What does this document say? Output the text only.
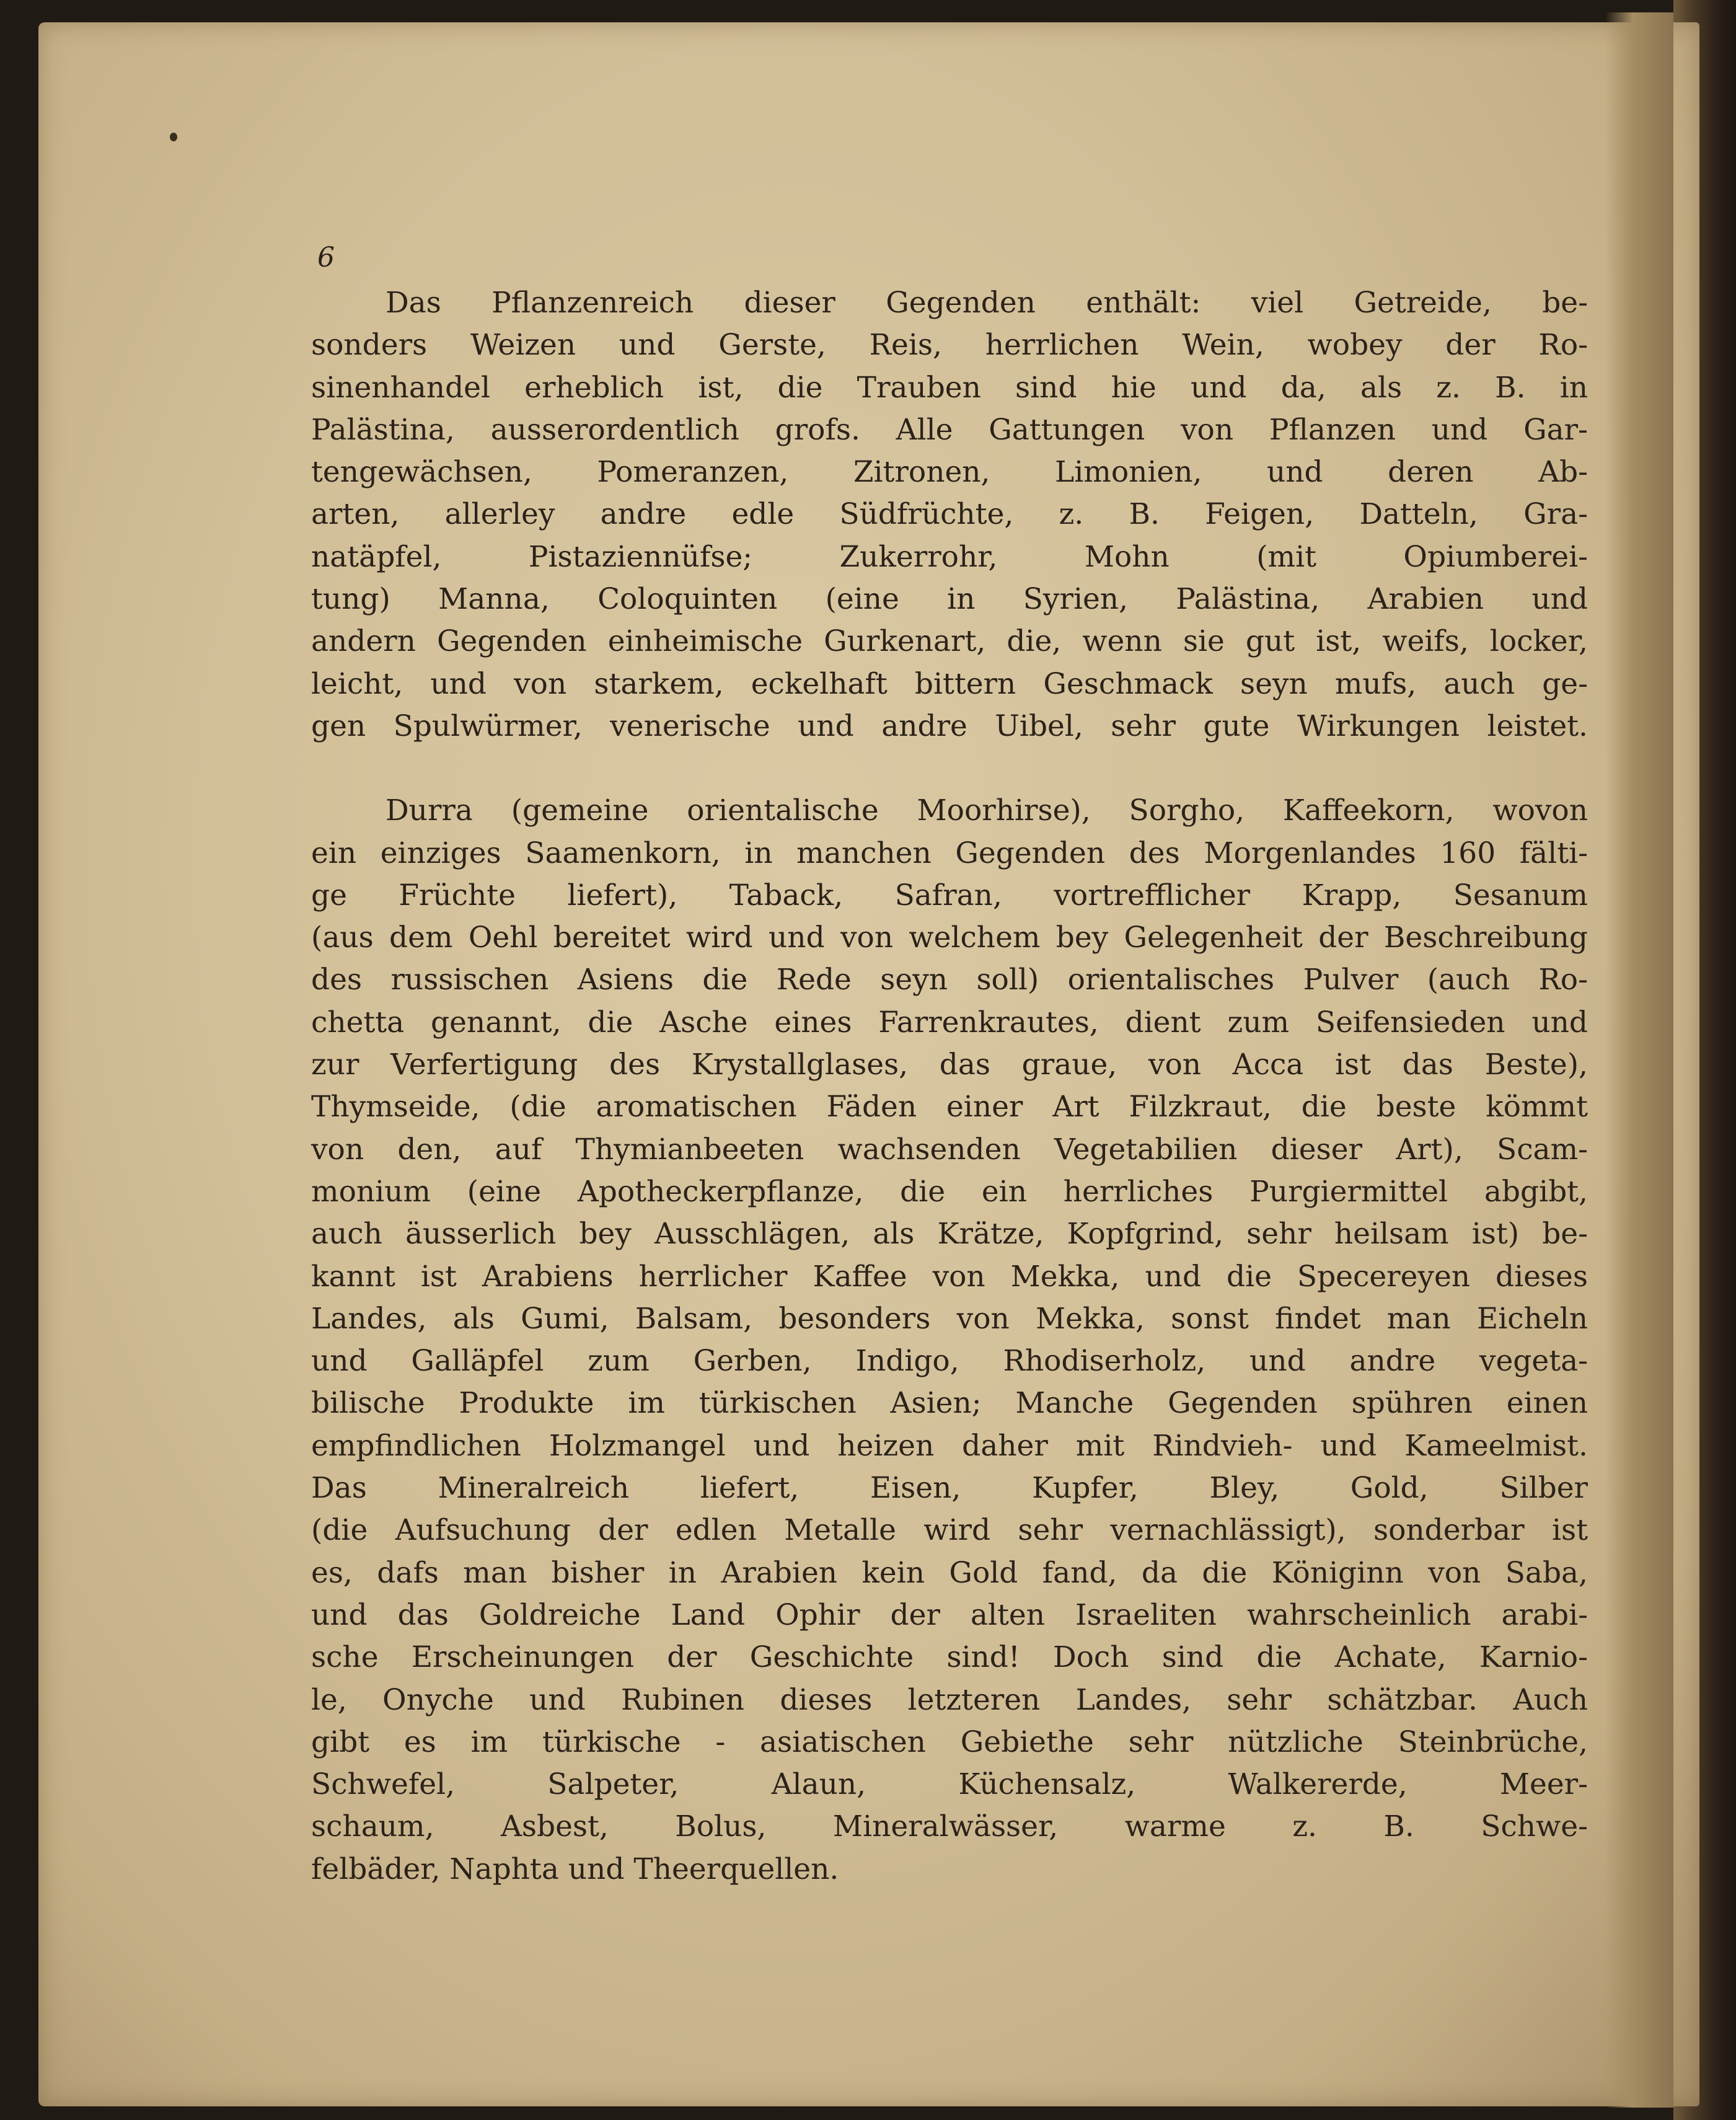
6
Das Pflanzenreich dieser Gegenden enthält: viel Getreide, be-
sonders Weizen und Gerste, Reis, herrlichen Wein, wobey der Ro-
sinenhandel erheblich ist, die Trauben sind hie und da, als z. B. in
Palästina, ausserordentlich grofs. Alle Gattungen von Pflanzen und Gar-
tengewächsen, Pomeranzen, Zitronen, Limonien, und deren Ab-
arten, allerley andre edle Südfrüchte, z. B. Feigen, Datteln, Gra-
natäpfel, Pistaziennüfse; Zukerrohr, Mohn (mit Opiumberei-
tung) Manna, Coloquinten (eine in Syrien, Palästina, Arabien und
andern Gegenden einheimische Gurkenart, die, wenn sie gut ist, weifs, locker,
leicht, und von starkem, eckelhaft bittern Geschmack seyn mufs, auch ge-
gen Spulwürmer, venerische und andre Uibel, sehr gute Wirkungen leistet.
Durra (gemeine orientalische Moorhirse), Sorgho, Kaffeekorn, wovon
ein einziges Saamenkorn, in manchen Gegenden des Morgenlandes 160 fälti-
ge Früchte liefert), Taback, Safran, vortrefflicher Krapp, Sesanum
(aus dem Oehl bereitet wird und von welchem bey Gelegenheit der Beschreibung
des russischen Asiens die Rede seyn soll) orientalisches Pulver (auch Ro-
chetta genannt, die Asche eines Farrenkrautes, dient zum Seifensieden und
zur Verfertigung des Krystallglases, das graue, von Acca ist das Beste),
Thymseide, (die aromatischen Fäden einer Art Filzkraut, die beste kömmt
von den, auf Thymianbeeten wachsenden Vegetabilien dieser Art), Scam-
monium (eine Apotheckerpflanze, die ein herrliches Purgiermittel abgibt,
auch äusserlich bey Ausschlägen, als Krätze, Kopfgrind, sehr heilsam ist) be-
kannt ist Arabiens herrlicher Kaffee von Mekka, und die Specereyen dieses
Landes, als Gumi, Balsam, besonders von Mekka, sonst findet man Eicheln
und Galläpfel zum Gerben, Indigo, Rhodiserholz, und andre vegeta-
bilische Produkte im türkischen Asien; Manche Gegenden spühren einen
empfindlichen Holzmangel und heizen daher mit Rindvieh- und Kameelmist.
Das Mineralreich liefert, Eisen, Kupfer, Bley, Gold, Silber
(die Aufsuchung der edlen Metalle wird sehr vernachlässigt), sonderbar ist
es, dafs man bisher in Arabien kein Gold fand, da die Königinn von Saba,
und das Goldreiche Land Ophir der alten Israeliten wahrscheinlich arabi-
sche Erscheinungen der Geschichte sind! Doch sind die Achate, Karnio-
le, Onyche und Rubinen dieses letzteren Landes, sehr schätzbar. Auch
gibt es im türkische - asiatischen Gebiethe sehr nützliche Steinbrüche,
Schwefel, Salpeter, Alaun, Küchensalz, Walkererde, Meer-
schaum, Asbest, Bolus, Mineralwässer, warme z. B. Schwe-
felbäder, Naphta und Theerquellen.
